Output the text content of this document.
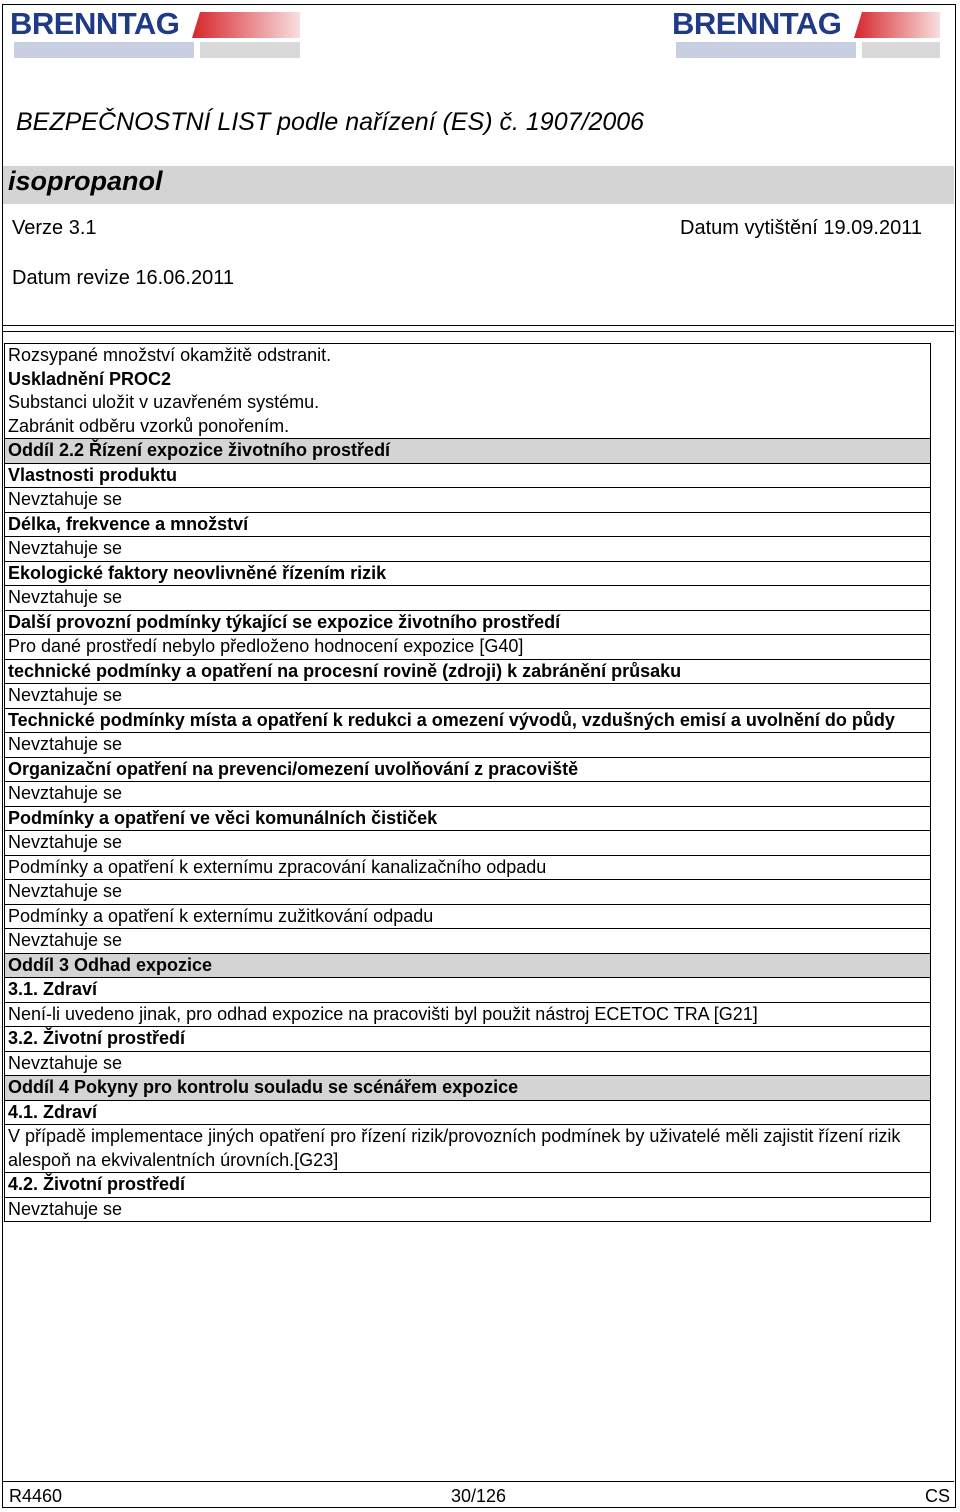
BRENNTAG	BRENNTAG
BEZPEČNOSTNÍ LIST podle nařízení (ES) č. 1907/2006
isopropanol
Verze 3.1	Datum vytištění 19.09.2011
Datum revize 16.06.2011
Rozsypané množství okamžitě odstranit.
Uskladnění PROC2
Substanci uložit v uzavřeném systému.
Zabránit odběru vzorků ponořením.
Oddíl 2.2 Řízení expozice životního prostředí
Vlastnosti produktu
Nevztahuje se
Délka, frekvence a množství
Nevztahuje se
Ekologické faktory neovlivněné řízením rizik
Nevztahuje se
Další provozní podmínky týkající se expozice životního prostředí
Pro dané prostředí nebylo předloženo hodnocení expozice [G40]
technické podmínky a opatření na procesní rovině (zdroji) k zabránění průsaku
Nevztahuje se
Technické podmínky místa a opatření k redukci a omezení vývodů, vzdušných emisí a uvolnění do půdy
Nevztahuje se
Organizační opatření na prevenci/omezení uvolňování z pracoviště
Nevztahuje se
Podmínky a opatření ve věci komunálních čističek
Nevztahuje se
Podmínky a opatření k externímu zpracování kanalizačního odpadu
Nevztahuje se
Podmínky a opatření k externímu zužitkování odpadu
Nevztahuje se
Oddíl 3 Odhad expozice
3.1. Zdraví
Není-li uvedeno jinak, pro odhad expozice na pracovišti byl použit nástroj ECETOC TRA [G21]
3.2. Životní prostředí
Nevztahuje se
Oddíl 4 Pokyny pro kontrolu souladu se scénářem expozice
4.1. Zdraví
V případě implementace jiných opatření pro řízení rizik/provozních podmínek by uživatelé měli zajistit řízení rizik alespoň na ekvivalentních úrovních.[G23]
4.2. Životní prostředí
Nevztahuje se
R4460	30/126	CS
